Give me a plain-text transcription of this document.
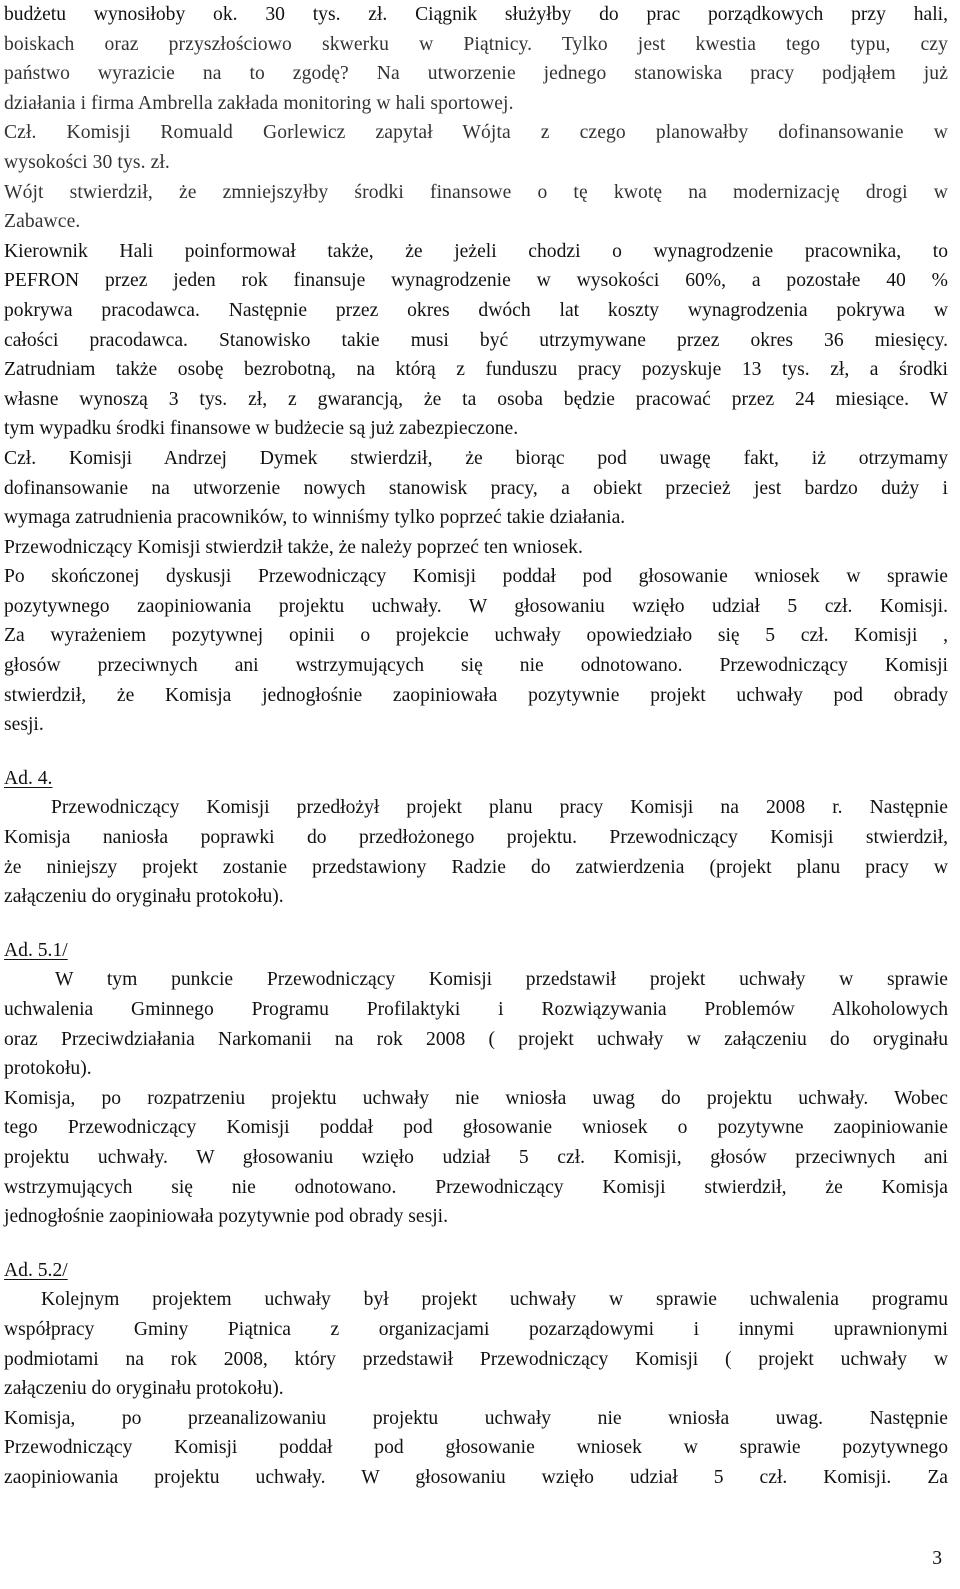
budżetu wynosiłoby ok. 30 tys. zł. Ciągnik służyłby do prac porządkowych przy hali,
boiskach oraz przyszłościowo skwerku w Piątnicy. Tylko jest kwestia tego typu, czy
państwo wyrazicie na to zgodę? Na utworzenie jednego stanowiska pracy podjąłem już
działania i firma Ambrella zakłada monitoring w hali sportowej.
Czł. Komisji Romuald Gorlewicz zapytał Wójta z czego planowałby dofinansowanie w
wysokości 30 tys. zł.
Wójt stwierdził, że zmniejszyłby środki finansowe o tę kwotę na modernizację drogi w
Zabawce.
Kierownik Hali poinformował także, że jeżeli chodzi o wynagrodzenie pracownika, to
PEFRON przez jeden rok finansuje wynagrodzenie w wysokości 60%, a pozostałe 40 %
pokrywa pracodawca. Następnie przez okres dwóch lat koszty wynagrodzenia pokrywa w
całości pracodawca. Stanowisko takie musi być utrzymywane przez okres 36 miesięcy.
Zatrudniam także osobę bezrobotną, na którą z funduszu pracy pozyskuje 13 tys. zł, a środki
własne wynoszą 3 tys. zł, z gwarancją, że ta osoba będzie pracować przez 24 miesiące. W
tym wypadku środki finansowe w budżecie są już zabezpieczone.
Czł. Komisji Andrzej Dymek stwierdził, że biorąc pod uwagę fakt, iż otrzymamy
dofinansowanie na utworzenie nowych stanowisk pracy, a obiekt przecież jest bardzo duży i
wymaga zatrudnienia pracowników, to winniśmy tylko poprzeć takie działania.
Przewodniczący Komisji stwierdził także, że należy poprzeć ten wniosek.
Po skończonej dyskusji Przewodniczący Komisji poddał pod głosowanie wniosek w sprawie
pozytywnego zaopiniowania projektu uchwały. W głosowaniu wzięło udział 5 czł. Komisji.
Za wyrażeniem pozytywnej opinii o projekcie uchwały opowiedziało się 5 czł. Komisji ,
głosów przeciwnych ani wstrzymujących się nie odnotowano. Przewodniczący Komisji
stwierdził, że Komisja jednogłośnie zaopiniowała pozytywnie projekt uchwały pod obrady
sesji.
Ad. 4.
Przewodniczący Komisji przedłożył projekt planu pracy Komisji na 2008 r. Następnie
Komisja naniosła poprawki do przedłożonego projektu. Przewodniczący Komisji stwierdził,
że niniejszy projekt zostanie przedstawiony Radzie do zatwierdzenia (projekt planu pracy w
załączeniu do oryginału protokołu).
Ad. 5.1/
W tym punkcie Przewodniczący Komisji przedstawił projekt uchwały w sprawie
uchwalenia Gminnego Programu Profilaktyki i Rozwiązywania Problemów Alkoholowych
oraz Przeciwdziałania Narkomanii na rok 2008 ( projekt uchwały w załączeniu do oryginału
protokołu).
Komisja, po rozpatrzeniu projektu uchwały nie wniosła uwag do projektu uchwały. Wobec
tego Przewodniczący Komisji poddał pod głosowanie wniosek o pozytywne zaopiniowanie
projektu uchwały. W głosowaniu wzięło udział 5 czł. Komisji, głosów przeciwnych ani
wstrzymujących się nie odnotowano. Przewodniczący Komisji stwierdził, że Komisja
jednogłośnie zaopiniowała pozytywnie pod obrady sesji.
Ad. 5.2/
Kolejnym projektem uchwały był projekt uchwały w sprawie uchwalenia programu
współpracy Gminy Piątnica z organizacjami pozarządowymi i innymi uprawnionymi
podmiotami na rok 2008, który przedstawił Przewodniczący Komisji ( projekt uchwały w
załączeniu do oryginału protokołu).
Komisja, po przeanalizowaniu projektu uchwały nie wniosła uwag. Następnie
Przewodniczący Komisji poddał pod głosowanie wniosek w sprawie pozytywnego
zaopiniowania projektu uchwały. W głosowaniu wzięło udział 5 czł. Komisji. Za
3
